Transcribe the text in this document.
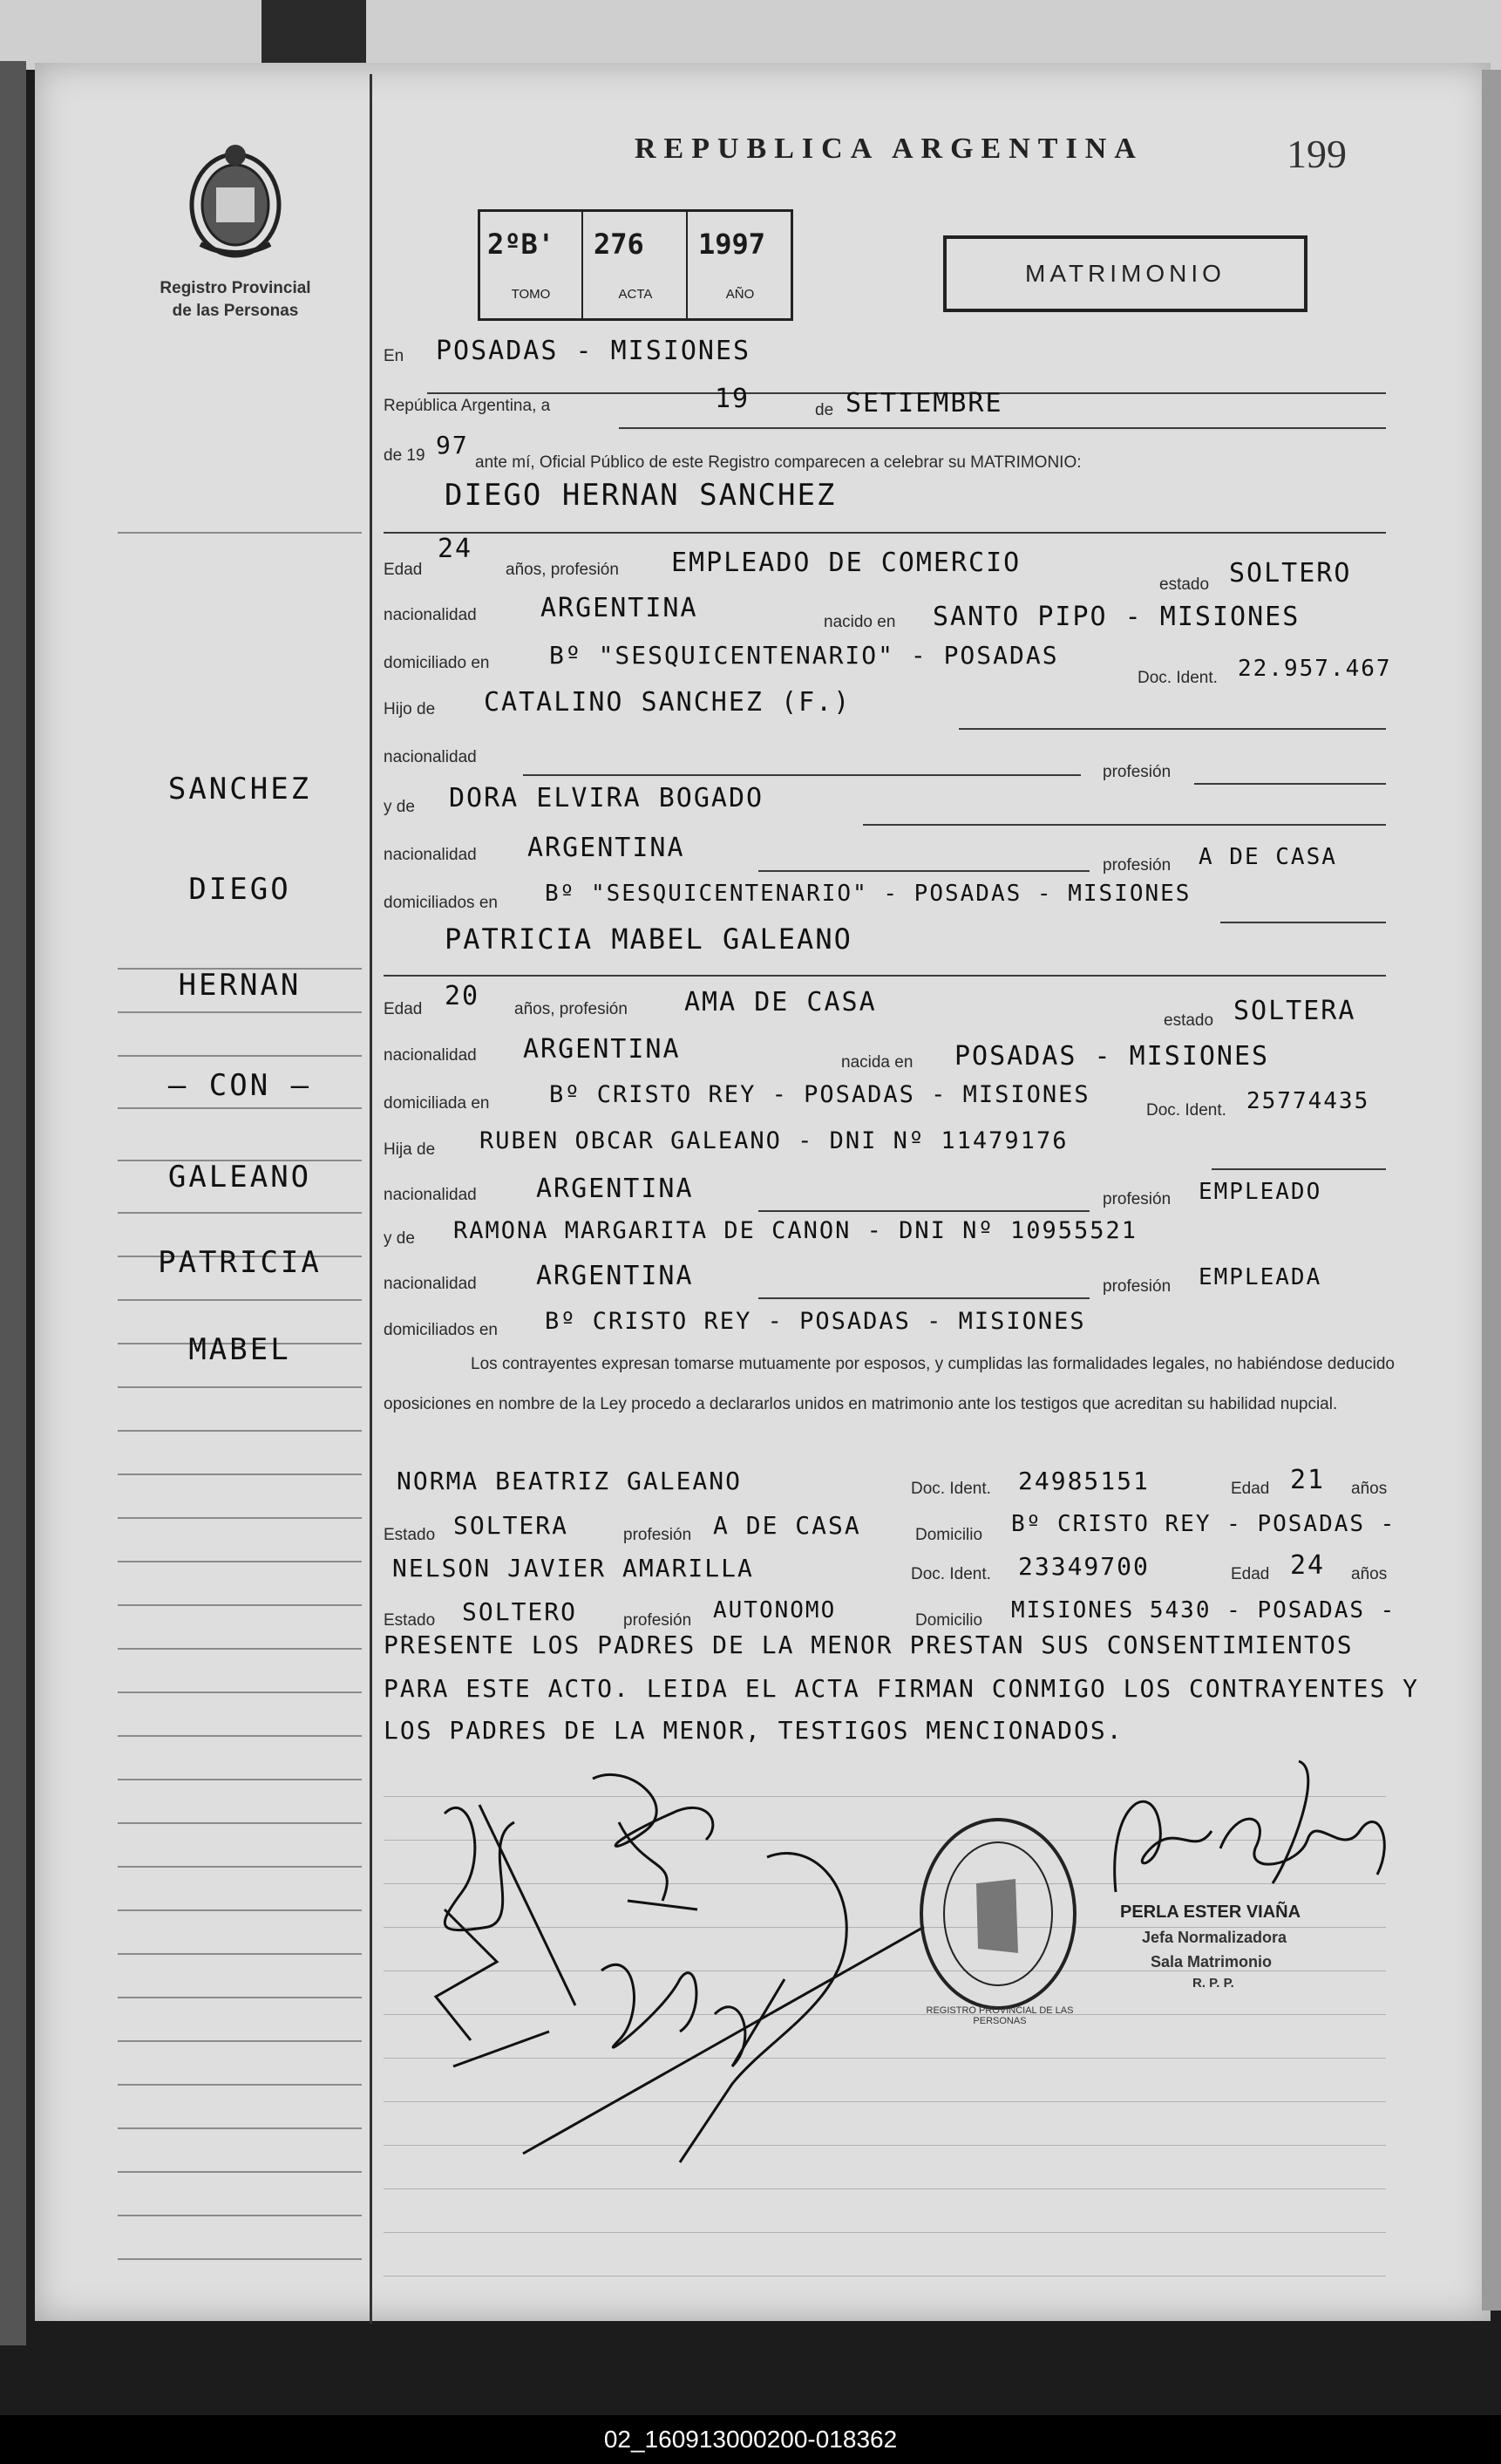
Registro Provincial
de las Personas
REPUBLICA ARGENTINA	199
2ºB'
TOMO
276
ACTA
1997
AÑO
MATRIMONIO
En POSADAS - MISIONES
República Argentina, a	19	de SETIEMBRE
de 19 97
ante mí, Oficial Público de este Registro comparecen a celebrar su MATRIMONIO:
DIEGO HERNAN SANCHEZ
Edad
24
años, profesión EMPLEADO DE COMERCIO
estado SOLTERO
nacionalidad ARGENTINA	nacido en SANTO PIPO - MISIONES
domiciliado en Bº "SESQUICENTENARIO" - POSADAS
Doc. Ident. 22.957.467
Hijo de CATALINO SANCHEZ (F.)
nacionalidad
profesión
y de DORA ELVIRA BOGADO
nacionalidad ARGENTINA
profesión A DE CASA
domiciliados en Bº "SESQUICENTENARIO" - POSADAS - MISIONES
PATRICIA MABEL GALEANO
Edad 20 años, profesión AMA DE CASA
estado SOLTERA
nacionalidad ARGENTINA	nacida en POSADAS - MISIONES
domiciliada en	Bº CRISTO REY - POSADAS - MISIONES
Doc. Ident. 25774435
Hija de RUBEN OBCAR GALEANO - DNI Nº 11479176
nacionalidad ARGENTINA	profesión EMPLEADO
y de RAMONA MARGARITA DE CANON - DNI Nº 10955521
nacionalidad ARGENTINA	profesión EMPLEADA
domiciliados en Bº CRISTO REY - POSADAS - MISIONES
Los contrayentes expresan tomarse mutuamente por esposos, y cumplidas las formalidades legales, no habiéndose deducido oposiciones en nombre de la Ley procedo a declararlos unidos en matrimonio ante los testigos que acreditan su habilidad nupcial.
NORMA BEATRIZ GALEANO	Doc. Ident. 24985151	Edad 21 años
Estado SOLTERA	profesión A DE CASA	Domicilio Bº CRISTO REY - POSADAS -
NELSON JAVIER AMARILLA	Doc. Ident. 23349700	Edad 24 años
Estado SOLTERO	profesión AUTONOMO	Domicilio MISIONES 5430 - POSADAS -
PRESENTE LOS PADRES DE LA MENOR PRESTAN SUS CONSENTIMIENTOS
PARA ESTE ACTO. LEIDA EL ACTA FIRMAN CONMIGO LOS CONTRAYENTES Y
LOS PADRES DE LA MENOR, TESTIGOS MENCIONADOS.
REGISTRO PROVINCIAL DE LAS PERSONAS
PERLA ESTER VIAÑA
Jefa Normalizadora
Sala Matrimonio
R. P. P.
SANCHEZ
DIEGO
HERNAN
— CON —
GALEANO
PATRICIA
MABEL
02_160913000200-018362
